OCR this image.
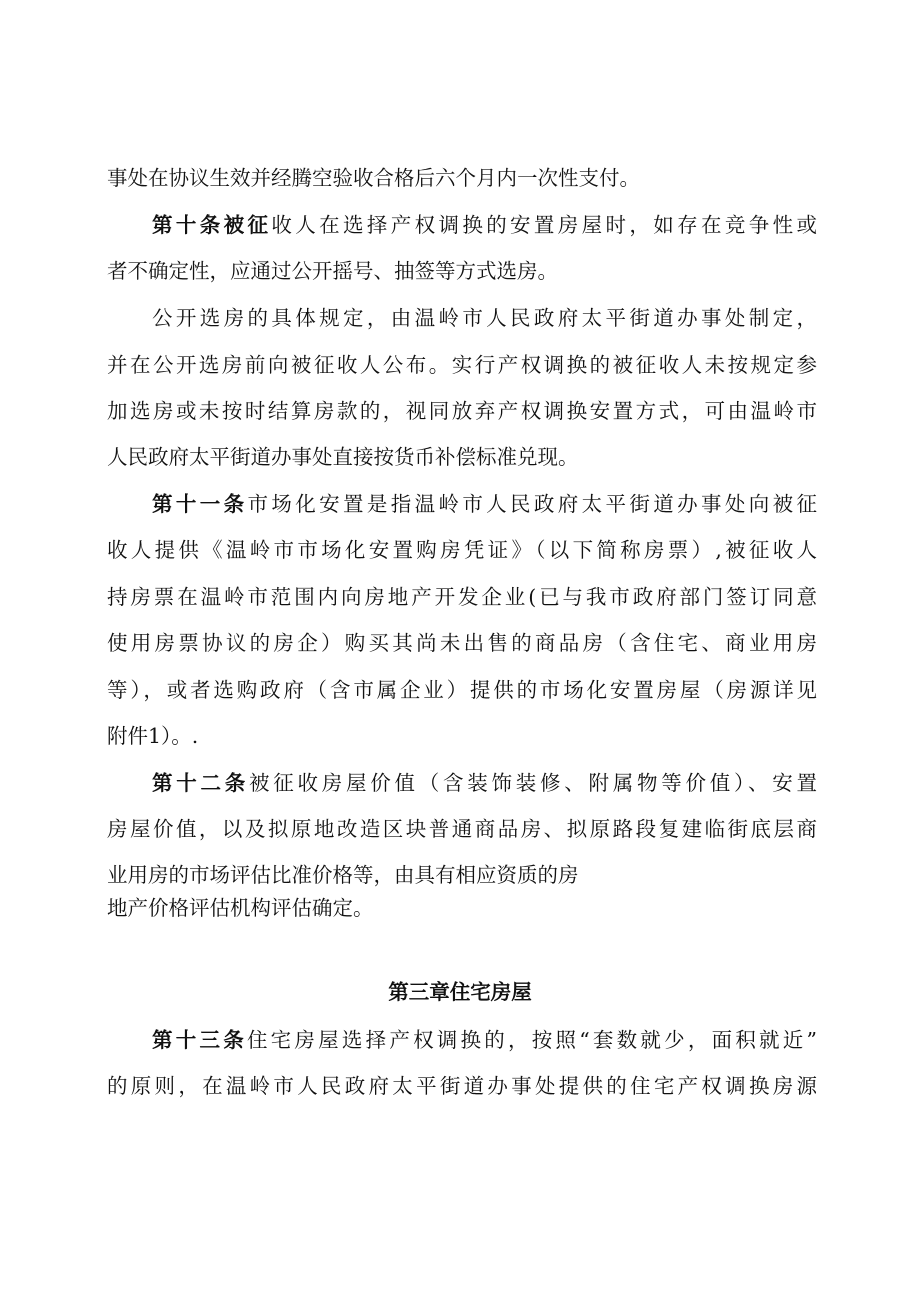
事处在协议生效并经腾空验收合格后六个月内一次性支付。
第十条被征收人在选择产权调换的安置房屋时，如存在竞争性或
者不确定性，应通过公开摇号、抽签等方式选房。
公开选房的具体规定，由温岭市人民政府太平街道办事处制定，
并在公开选房前向被征收人公布。实行产权调换的被征收人未按规定参
加选房或未按时结算房款的，视同放弃产权调换安置方式，可由温岭市
人民政府太平街道办事处直接按货币补偿标准兑现。
第十一条市场化安置是指温岭市人民政府太平街道办事处向被征
收人提供《温岭市市场化安置购房凭证》（以下简称房票）,被征收人
持房票在温岭市范围内向房地产开发企业(已与我市政府部门签订同意
使用房票协议的房企）购买其尚未出售的商品房（含住宅、商业用房
等），或者选购政府（含市属企业）提供的市场化安置房屋（房源详见
附件1）。.
第十二条被征收房屋价值（含装饰装修、附属物等价值）、安置
房屋价值，以及拟原地改造区块普通商品房、拟原路段复建临街底层商
业用房的市场评估比准价格等，由具有相应资质的房
地产价格评估机构评估确定。
第三章住宅房屋
第十三条住宅房屋选择产权调换的，按照“套数就少，面积就近”
的原则，在温岭市人民政府太平街道办事处提供的住宅产权调换房源
